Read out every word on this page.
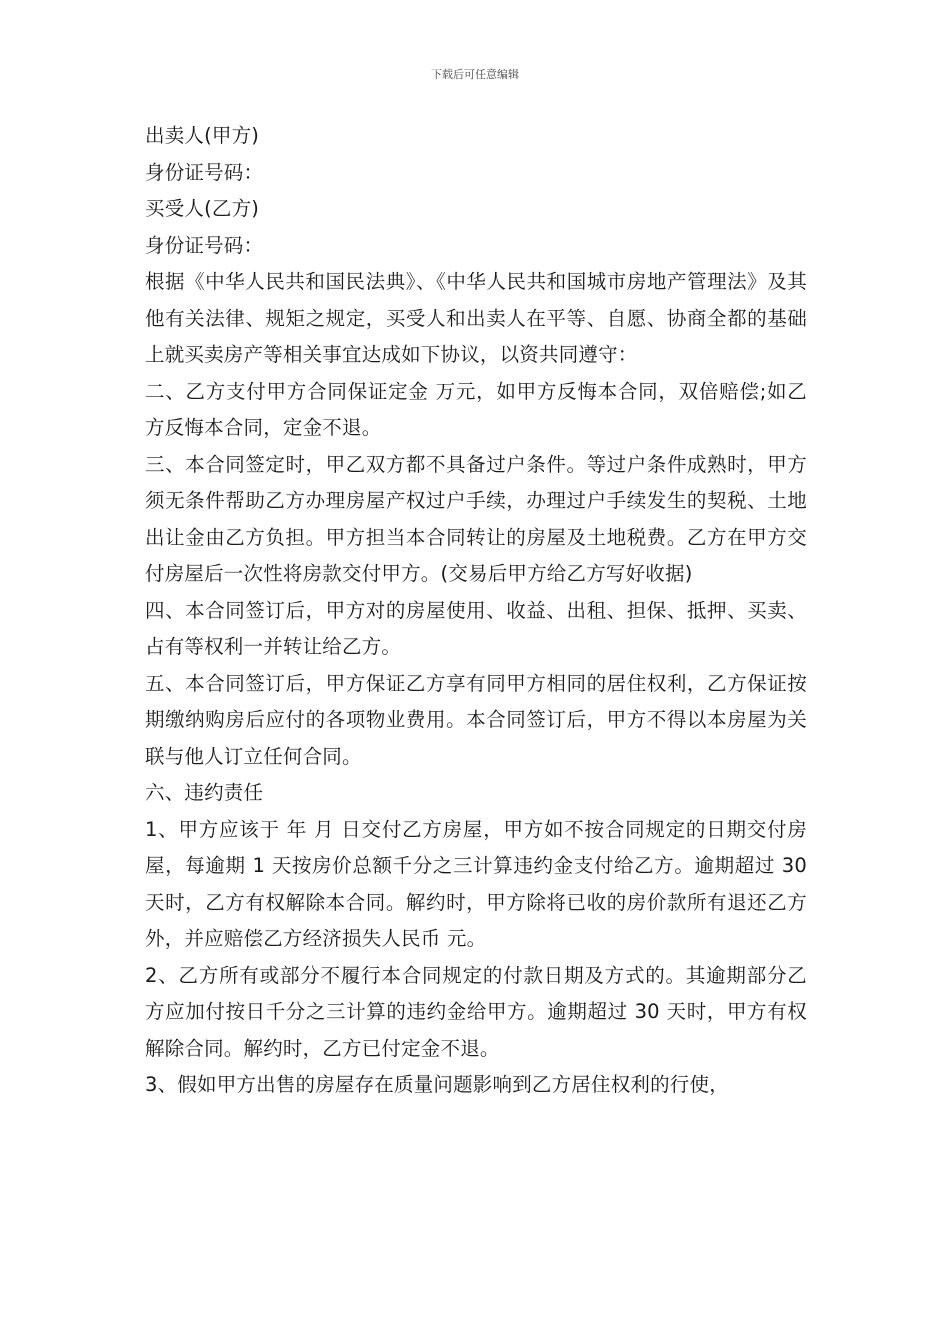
下载后可任意编辑

出卖人(甲方)

身份证号码：

买受人(乙方)

身份证号码：

根据《中华人民共和国民法典》、《中华人民共和国城市房地产管理法》及其他有关法律、规矩之规定，买受人和出卖人在平等、自愿、协商全都的基础上就买卖房产等相关事宜达成如下协议，以资共同遵守：

二、乙方支付甲方合同保证定金 万元，如甲方反悔本合同，双倍赔偿;如乙方反悔本合同，定金不退。

三、本合同签定时，甲乙双方都不具备过户条件。等过户条件成熟时，甲方须无条件帮助乙方办理房屋产权过户手续，办理过户手续发生的契税、土地出让金由乙方负担。甲方担当本合同转让的房屋及土地税费。乙方在甲方交付房屋后一次性将房款交付甲方。(交易后甲方给乙方写好收据)

四、本合同签订后，甲方对的房屋使用、收益、出租、担保、抵押、买卖、占有等权利一并转让给乙方。

五、本合同签订后，甲方保证乙方享有同甲方相同的居住权利，乙方保证按期缴纳购房后应付的各项物业费用。本合同签订后，甲方不得以本房屋为关联与他人订立任何合同。

六、违约责任

1、甲方应该于 年 月 日交付乙方房屋，甲方如不按合同规定的日期交付房屋，每逾期 1 天按房价总额千分之三计算违约金支付给乙方。逾期超过 30 天时，乙方有权解除本合同。解约时，甲方除将已收的房价款所有退还乙方外，并应赔偿乙方经济损失人民币 元。

2、乙方所有或部分不履行本合同规定的付款日期及方式的。其逾期部分乙方应加付按日千分之三计算的违约金给甲方。逾期超过 30 天时，甲方有权解除合同。解约时，乙方已付定金不退。

3、假如甲方出售的房屋存在质量问题影响到乙方居住权利的行使，
